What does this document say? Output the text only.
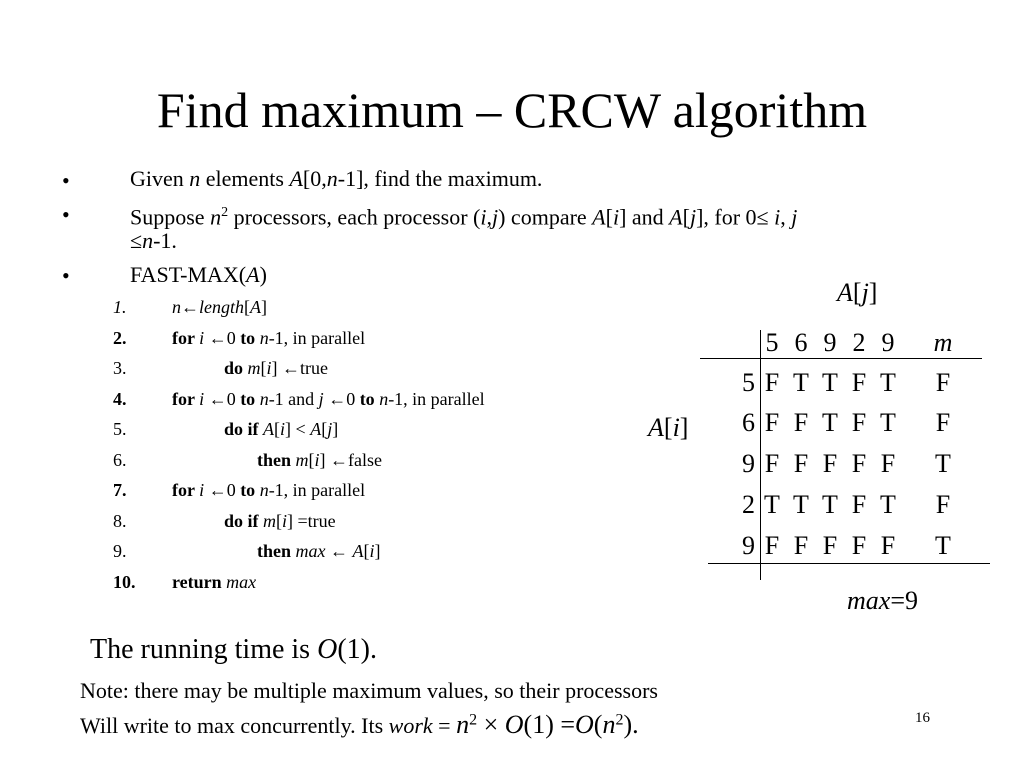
Find maximum – CRCW algorithm
•	Given n elements A[0,n-1], find the maximum.
•	Suppose $n^2$ processors, each processor (i,j) compare A[i] and A[j], for 0≤ i, j
≤n-1.
•	FAST-MAX(A)
1.	n←length[A]
2.	for i ←0 to n-1, in parallel
3.	do m[i] ←true
4.	for i ←0 to n-1 and j ←0 to n-1, in parallel
5.	do if A[i] < A[j]
6.	then m[i] ←false
7.	for i ←0 to n-1, in parallel
8.	do if m[i] =true
9.	then max ← A[i]
10. return max
A[j]
A[i]
5 6 9 2 9 m
5 F T T F T F
6 F F T F T F
9 F F F F F T
2 T T T F T F
9 F F F F F T
max=9
The running time is O(1).
Note: there may be multiple maximum values, so their processors
Will write to max concurrently. Its work = $n^2 \times O(1) =O(n^2)$.	16
